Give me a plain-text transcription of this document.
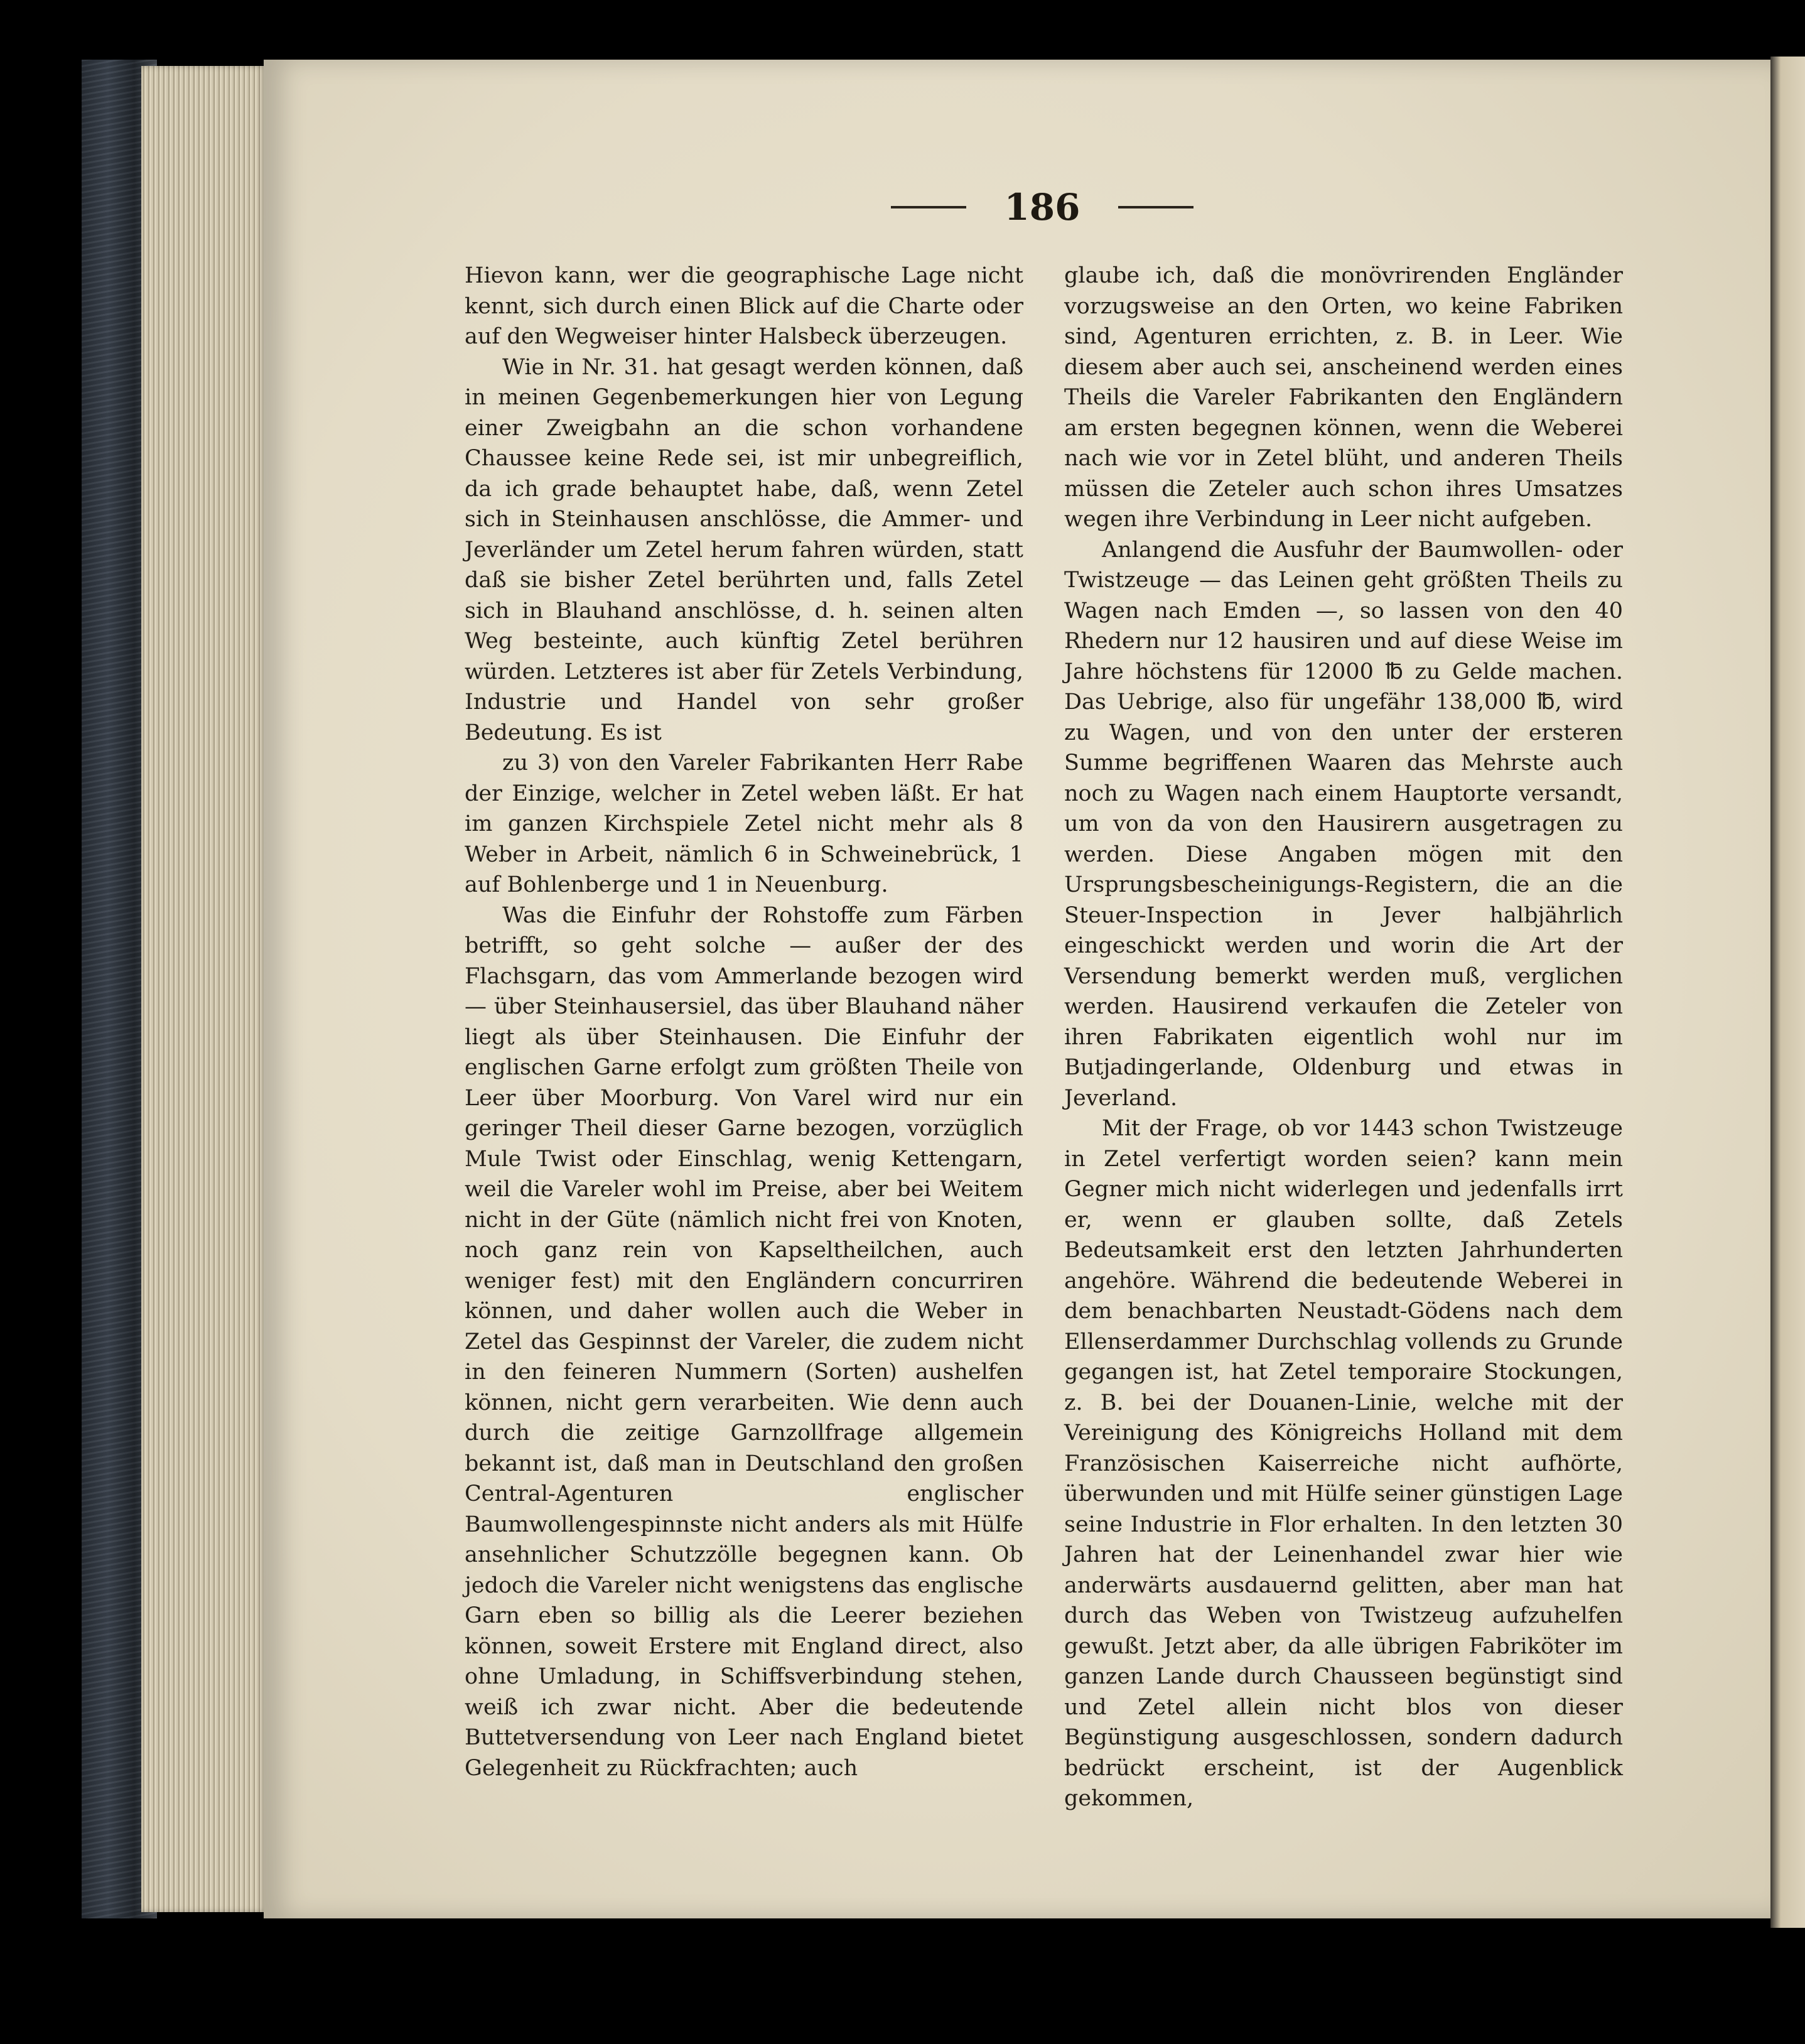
186

Hievon kann, wer die geographische Lage nicht kennt, sich durch einen Blick auf die Charte oder auf den Wegweiser hinter Halsbeck überzeugen.

Wie in Nr. 31. hat gesagt werden können, daß in meinen Gegenbemerkungen hier von Legung einer Zweigbahn an die schon vorhandene Chaussee keine Rede sei, ist mir unbegreiflich, da ich grade behauptet habe, daß, wenn Zetel sich in Steinhausen anschlösse, die Ammer- und Jeverländer um Zetel herum fahren würden, statt daß sie bisher Zetel berührten und, falls Zetel sich in Blauhand anschlösse, d. h. seinen alten Weg besteinte, auch künftig Zetel berühren würden. Letzteres ist aber für Zetels Verbindung, Industrie und Handel von sehr großer Bedeutung. Es ist

zu 3) von den Vareler Fabrikanten Herr Rabe der Einzige, welcher in Zetel weben läßt. Er hat im ganzen Kirchspiele Zetel nicht mehr als 8 Weber in Arbeit, nämlich 6 in Schweinebrück, 1 auf Bohlenberge und 1 in Neuenburg.

Was die Einfuhr der Rohstoffe zum Färben betrifft, so geht solche — außer der des Flachsgarn, das vom Ammerlande bezogen wird — über Steinhausersiel, das über Blauhand näher liegt als über Steinhausen. Die Einfuhr der englischen Garne erfolgt zum größten Theile von Leer über Moorburg. Von Varel wird nur ein geringer Theil dieser Garne bezogen, vorzüglich Mule Twist oder Einschlag, wenig Kettengarn, weil die Vareler wohl im Preise, aber bei Weitem nicht in der Güte (nämlich nicht frei von Knoten, noch ganz rein von Kapseltheilchen, auch weniger fest) mit den Engländern concurriren können, und daher wollen auch die Weber in Zetel das Gespinnst der Vareler, die zudem nicht in den feineren Nummern (Sorten) aushelfen können, nicht gern verarbeiten. Wie denn auch durch die zeitige Garnzollfrage allgemein bekannt ist, daß man in Deutschland den großen Central-Agenturen englischer Baumwollengespinnste nicht anders als mit Hülfe ansehnlicher Schutzzölle begegnen kann. Ob jedoch die Vareler nicht wenigstens das englische Garn eben so billig als die Leerer beziehen können, soweit Erstere mit England direct, also ohne Umladung, in Schiffsverbindung stehen, weiß ich zwar nicht. Aber die bedeutende Buttetversendung von Leer nach England bietet Gelegenheit zu Rückfrachten; auch

glaube ich, daß die monövrirenden Engländer vorzugsweise an den Orten, wo keine Fabriken sind, Agenturen errichten, z. B. in Leer. Wie diesem aber auch sei, anscheinend werden eines Theils die Vareler Fabrikanten den Engländern am ersten begegnen können, wenn die Weberei nach wie vor in Zetel blüht, und anderen Theils müssen die Zeteler auch schon ihres Umsatzes wegen ihre Verbindung in Leer nicht aufgeben.

Anlangend die Ausfuhr der Baumwollen- oder Twistzeuge — das Leinen geht größten Theils zu Wagen nach Emden —, so lassen von den 40 Rhedern nur 12 hausiren und auf diese Weise im Jahre höchstens für 12000 ℔ zu Gelde machen. Das Uebrige, also für ungefähr 138,000 ℔, wird zu Wagen, und von den unter der ersteren Summe begriffenen Waaren das Mehrste auch noch zu Wagen nach einem Hauptorte versandt, um von da von den Hausirern ausgetragen zu werden. Diese Angaben mögen mit den Ursprungsbescheinigungs-Registern, die an die Steuer-Inspection in Jever halbjährlich eingeschickt werden und worin die Art der Versendung bemerkt werden muß, verglichen werden. Hausirend verkaufen die Zeteler von ihren Fabrikaten eigentlich wohl nur im Butjadingerlande, Oldenburg und etwas in Jeverland.

Mit der Frage, ob vor 1443 schon Twistzeuge in Zetel verfertigt worden seien? kann mein Gegner mich nicht widerlegen und jedenfalls irrt er, wenn er glauben sollte, daß Zetels Bedeutsamkeit erst den letzten Jahrhunderten angehöre. Während die bedeutende Weberei in dem benachbarten Neustadt-Gödens nach dem Ellenserdammer Durchschlag vollends zu Grunde gegangen ist, hat Zetel temporaire Stockungen, z. B. bei der Douanen-Linie, welche mit der Vereinigung des Königreichs Holland mit dem Französischen Kaiserreiche nicht aufhörte, überwunden und mit Hülfe seiner günstigen Lage seine Industrie in Flor erhalten. In den letzten 30 Jahren hat der Leinenhandel zwar hier wie anderwärts ausdauernd gelitten, aber man hat durch das Weben von Twistzeug aufzuhelfen gewußt. Jetzt aber, da alle übrigen Fabriköter im ganzen Lande durch Chausseen begünstigt sind und Zetel allein nicht blos von dieser Begünstigung ausgeschlossen, sondern dadurch bedrückt erscheint, ist der Augenblick gekommen,
